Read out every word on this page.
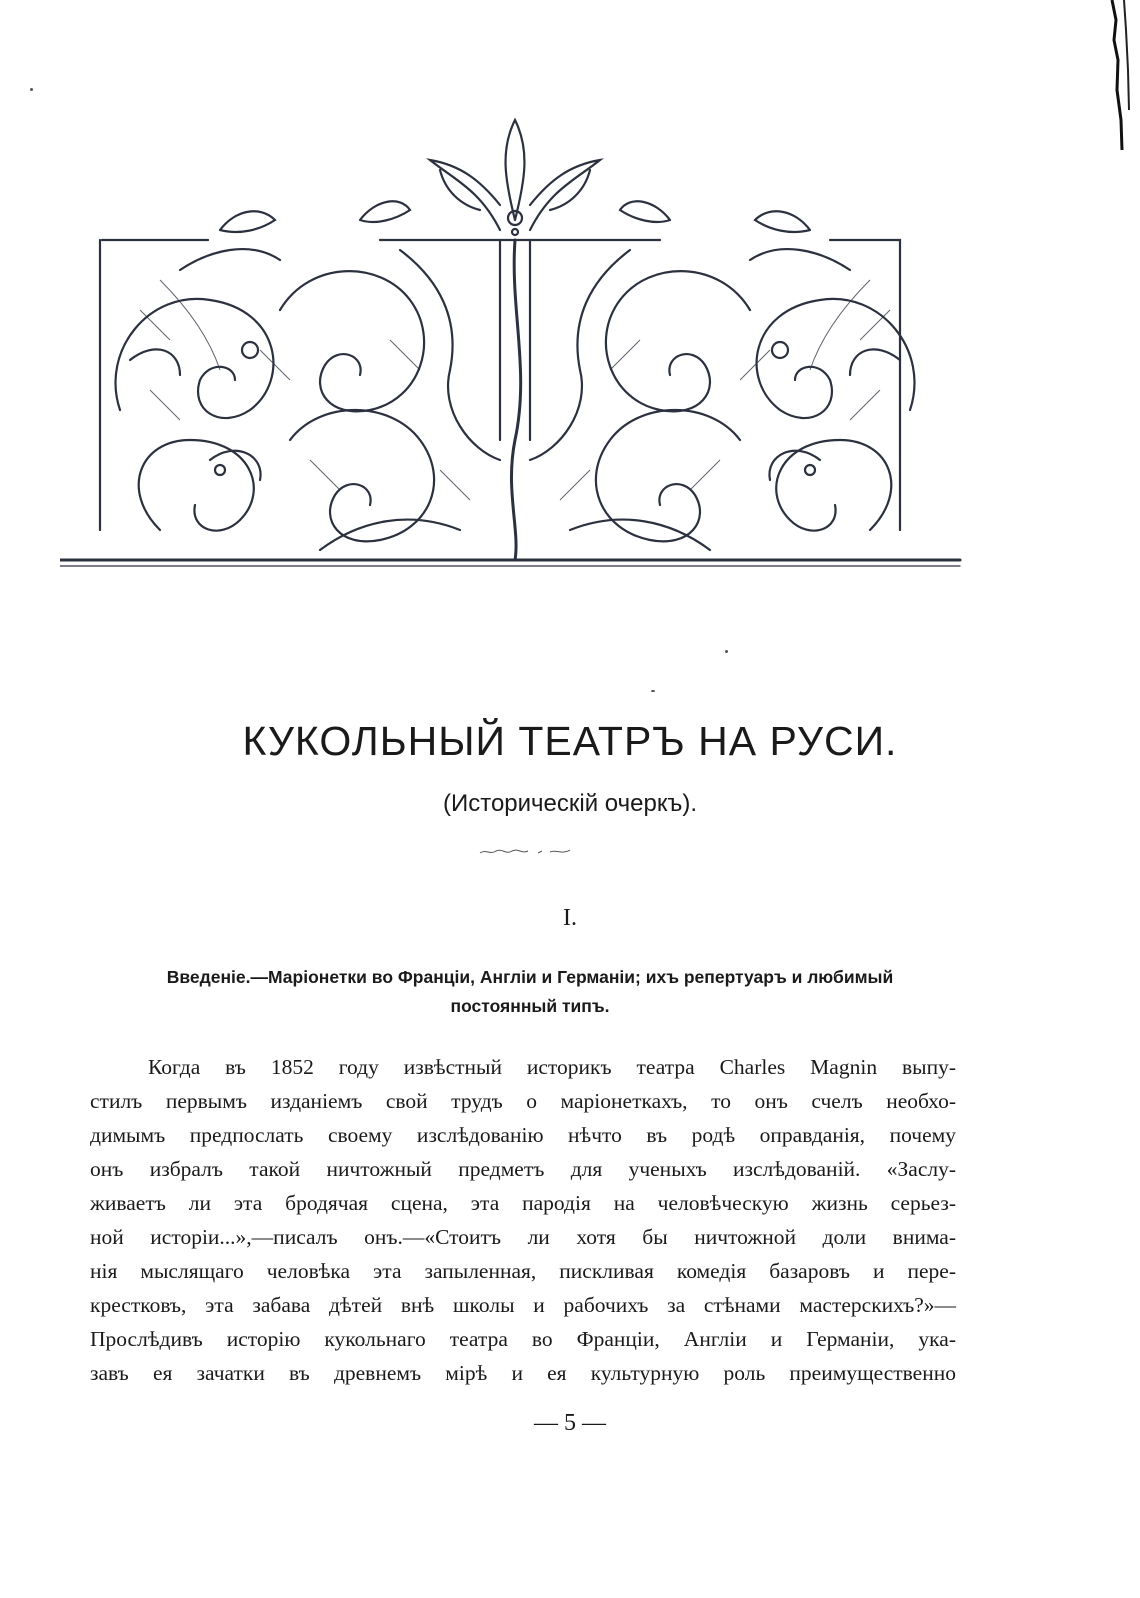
КУКОЛЬНЫЙ ТЕАТРЪ НА РУСИ.
(Историческій очеркъ).
I.
Введеніе.—Маріонетки во Франціи, Англіи и Германіи; ихъ репертуаръ и любимый
постоянный типъ.
Когда въ 1852 году извѣстный историкъ театра Charles Magnin выпу-
стилъ первымъ изданіемъ свой трудъ о маріонеткахъ, то онъ счелъ необхо-
димымъ предпослать своему изслѣдованію нѣчто въ родѣ оправданія, почему
онъ избралъ такой ничтожный предметъ для ученыхъ изслѣдованій. «Заслу-
живаетъ ли эта бродячая сцена, эта пародія на человѣческую жизнь серьез-
ной исторіи...»,—писалъ онъ.—«Стоитъ ли хотя бы ничтожной доли внима-
нія мыслящаго человѣка эта запыленная, пискливая комедія базаровъ и пере-
крестковъ, эта забава дѣтей внѣ школы и рабочихъ за стѣнами мастерскихъ?»—
Прослѣдивъ исторію кукольнаго театра во Франціи, Англіи и Германіи, ука-
завъ ея зачатки въ древнемъ мірѣ и ея культурную роль преимущественно
— 5 —
